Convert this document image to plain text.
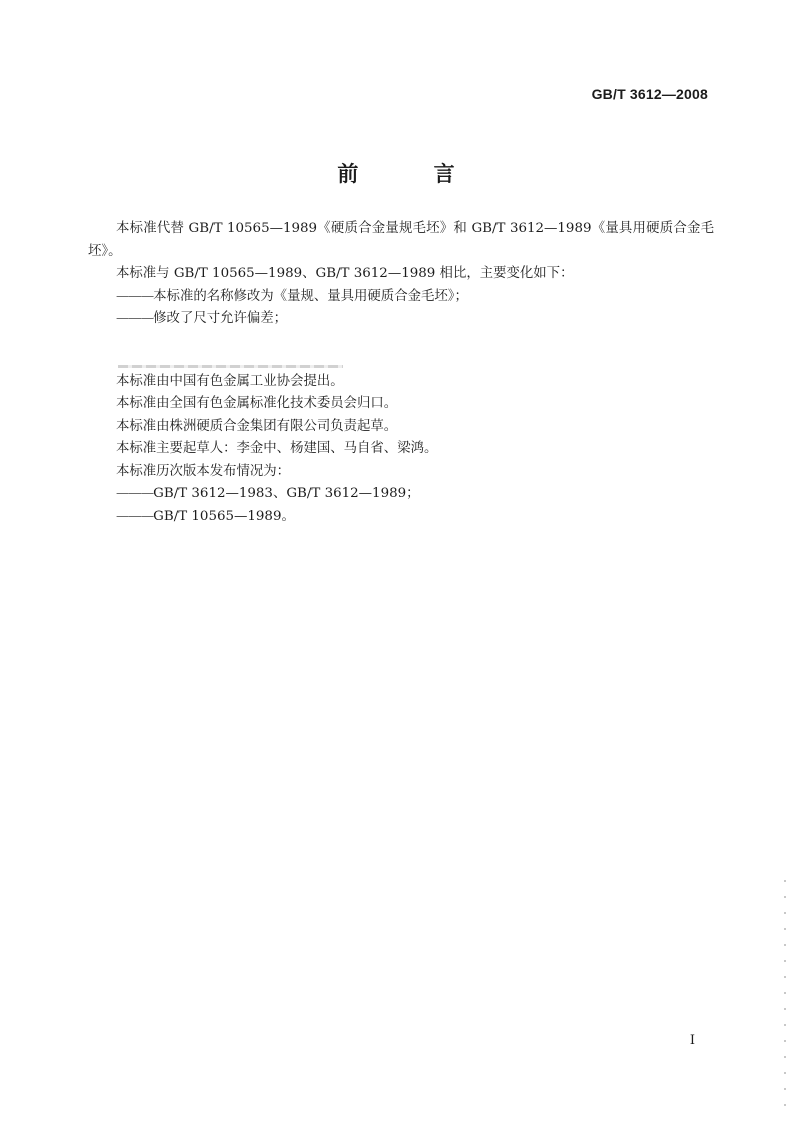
GB/T 3612—2008
前 言

本标准代替 GB/T 10565—1989《硬质合金量规毛坯》和 GB/T 3612—1989《量具用硬质合金毛坯》。

本标准与 GB/T 10565—1989、GB/T 3612—1989 相比，主要变化如下：

———本标准的名称修改为《量规、量具用硬质合金毛坯》；

———修改了尺寸允许偏差；

本标准由中国有色金属工业协会提出。

本标准由全国有色金属标准化技术委员会归口。

本标准由株洲硬质合金集团有限公司负责起草。

本标准主要起草人：李金中、杨建国、马自省、梁鸿。

本标准历次版本发布情况为：

———GB/T 3612—1983、GB/T 3612—1989；

———GB/T 10565—1989。

I
